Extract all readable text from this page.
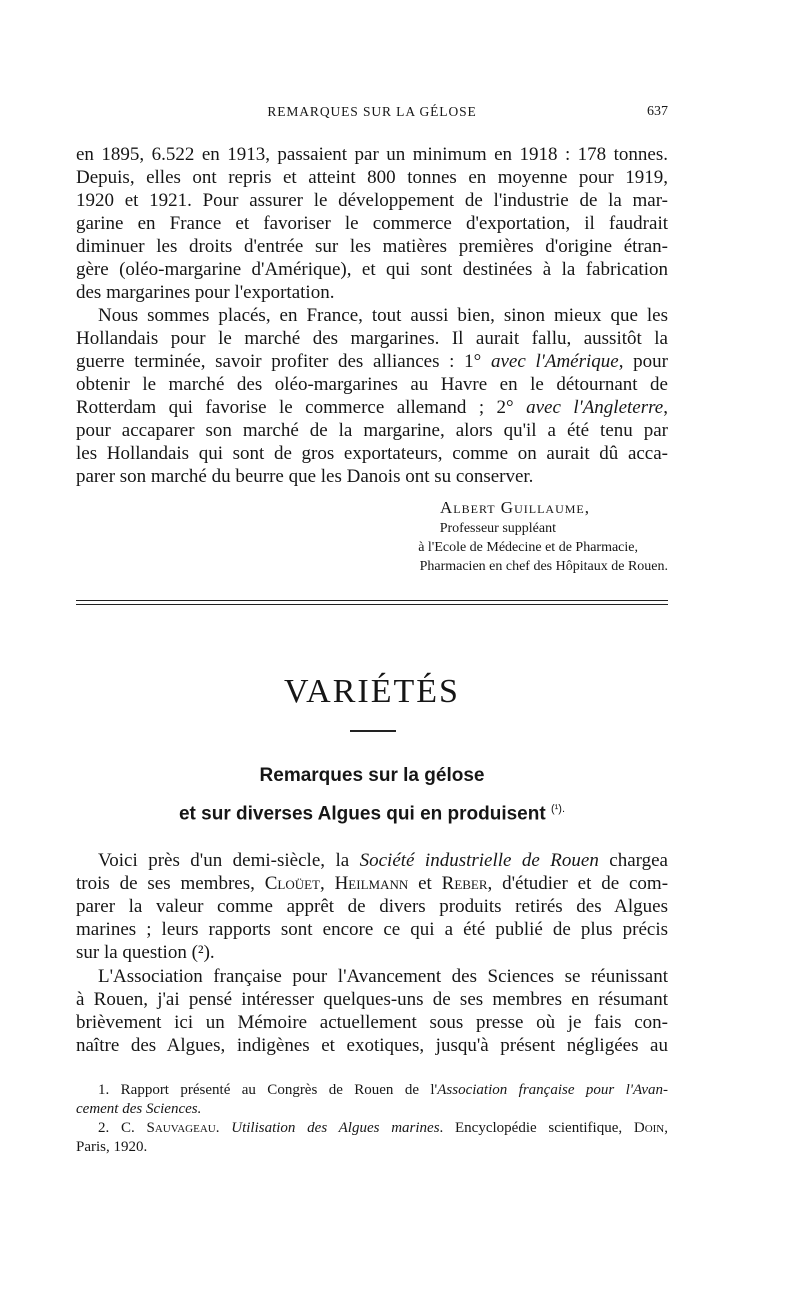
REMARQUES SUR LA GÉLOSE	637
en 1895, 6.522 en 1913, passaient par un minimum en 1918 : 178 tonnes.
Depuis, elles ont repris et atteint 800 tonnes en moyenne pour 1919,
1920 et 1921. Pour assurer le développement de l'industrie de la mar-
garine en France et favoriser le commerce d'exportation, il faudrait
diminuer les droits d'entrée sur les matières premières d'origine étran-
gère (oléo-margarine d'Amérique), et qui sont destinées à la fabrication
des margarines pour l'exportation.
Nous sommes placés, en France, tout aussi bien, sinon mieux que les
Hollandais pour le marché des margarines. Il aurait fallu, aussitôt la
guerre terminée, savoir profiter des alliances : 1° avec l'Amérique, pour
obtenir le marché des oléo-margarines au Havre en le détournant de
Rotterdam qui favorise le commerce allemand ; 2° avec l'Angleterre,
pour accaparer son marché de la margarine, alors qu'il a été tenu par
les Hollandais qui sont de gros exportateurs, comme on aurait dû acca-
parer son marché du beurre que les Danois ont su conserver.
Albert Guillaume,
Professeur suppléant
à l'Ecole de Médecine et de Pharmacie,
Pharmacien en chef des Hôpitaux de Rouen.
VARIÉTÉS
Remarques sur la gélose
et sur diverses Algues qui en produisent $^{(^1).}$
Voici près d'un demi-siècle, la Société industrielle de Rouen chargea
trois de ses membres, Cloüet, Heilmann et Reber, d'étudier et de com-
parer la valeur comme apprêt de divers produits retirés des Algues
marines ; leurs rapports sont encore ce qui a été publié de plus précis
sur la question (²).
L'Association française pour l'Avancement des Sciences se réunissant
à Rouen, j'ai pensé intéresser quelques-uns de ses membres en résumant
brièvement ici un Mémoire actuellement sous presse où je fais con-
naître des Algues, indigènes et exotiques, jusqu'à présent négligées au
1. Rapport présenté au Congrès de Rouen de l'Association française pour l'Avan-
cement des Sciences.
2. C. Sauvageau. Utilisation des Algues marines. Encyclopédie scientifique, Doin,
Paris, 1920.
